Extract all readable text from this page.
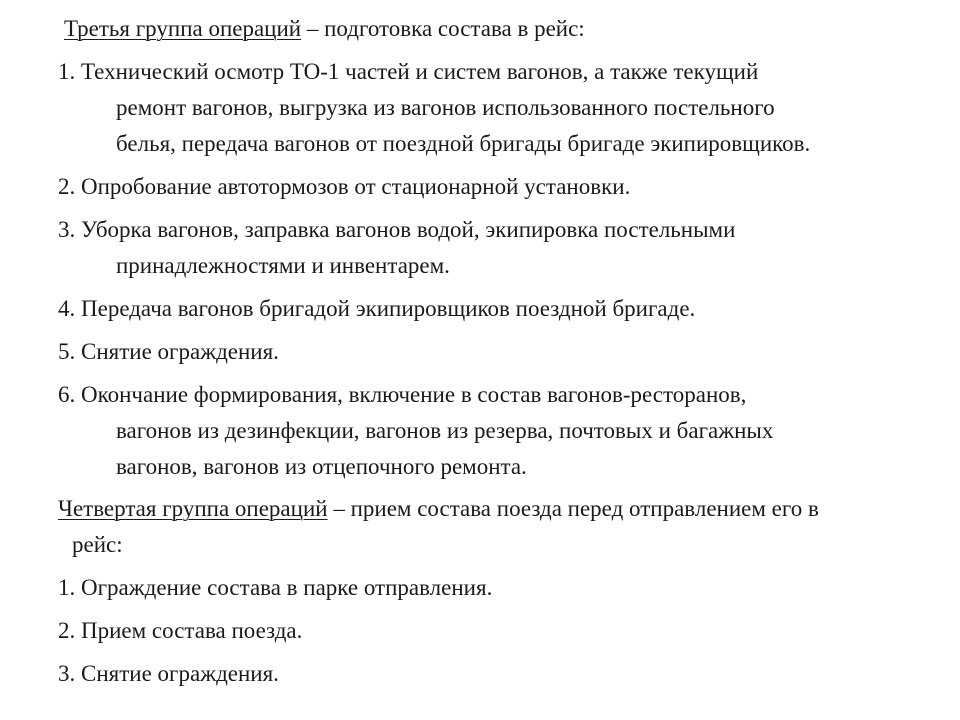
Третья группа операций – подготовка состава в рейс:
1. Технический осмотр ТО-1 частей и систем вагонов, а также текущий
ремонт вагонов, выгрузка из вагонов использованного постельного
белья, передача вагонов от поездной бригады бригаде экипировщиков.
2. Опробование автотормозов от стационарной установки.
3. Уборка вагонов, заправка вагонов водой, экипировка постельными
принадлежностями и инвентарем.
4. Передача вагонов бригадой экипировщиков поездной бригаде.
5. Снятие ограждения.
6. Окончание формирования, включение в состав вагонов-ресторанов,
вагонов из дезинфекции, вагонов из резерва, почтовых и багажных
вагонов, вагонов из отцепочного ремонта.
Четвертая группа операций – прием состава поезда перед отправлением его в
рейс:
1. Ограждение состава в парке отправления.
2. Прием состава поезда.
3. Снятие ограждения.
